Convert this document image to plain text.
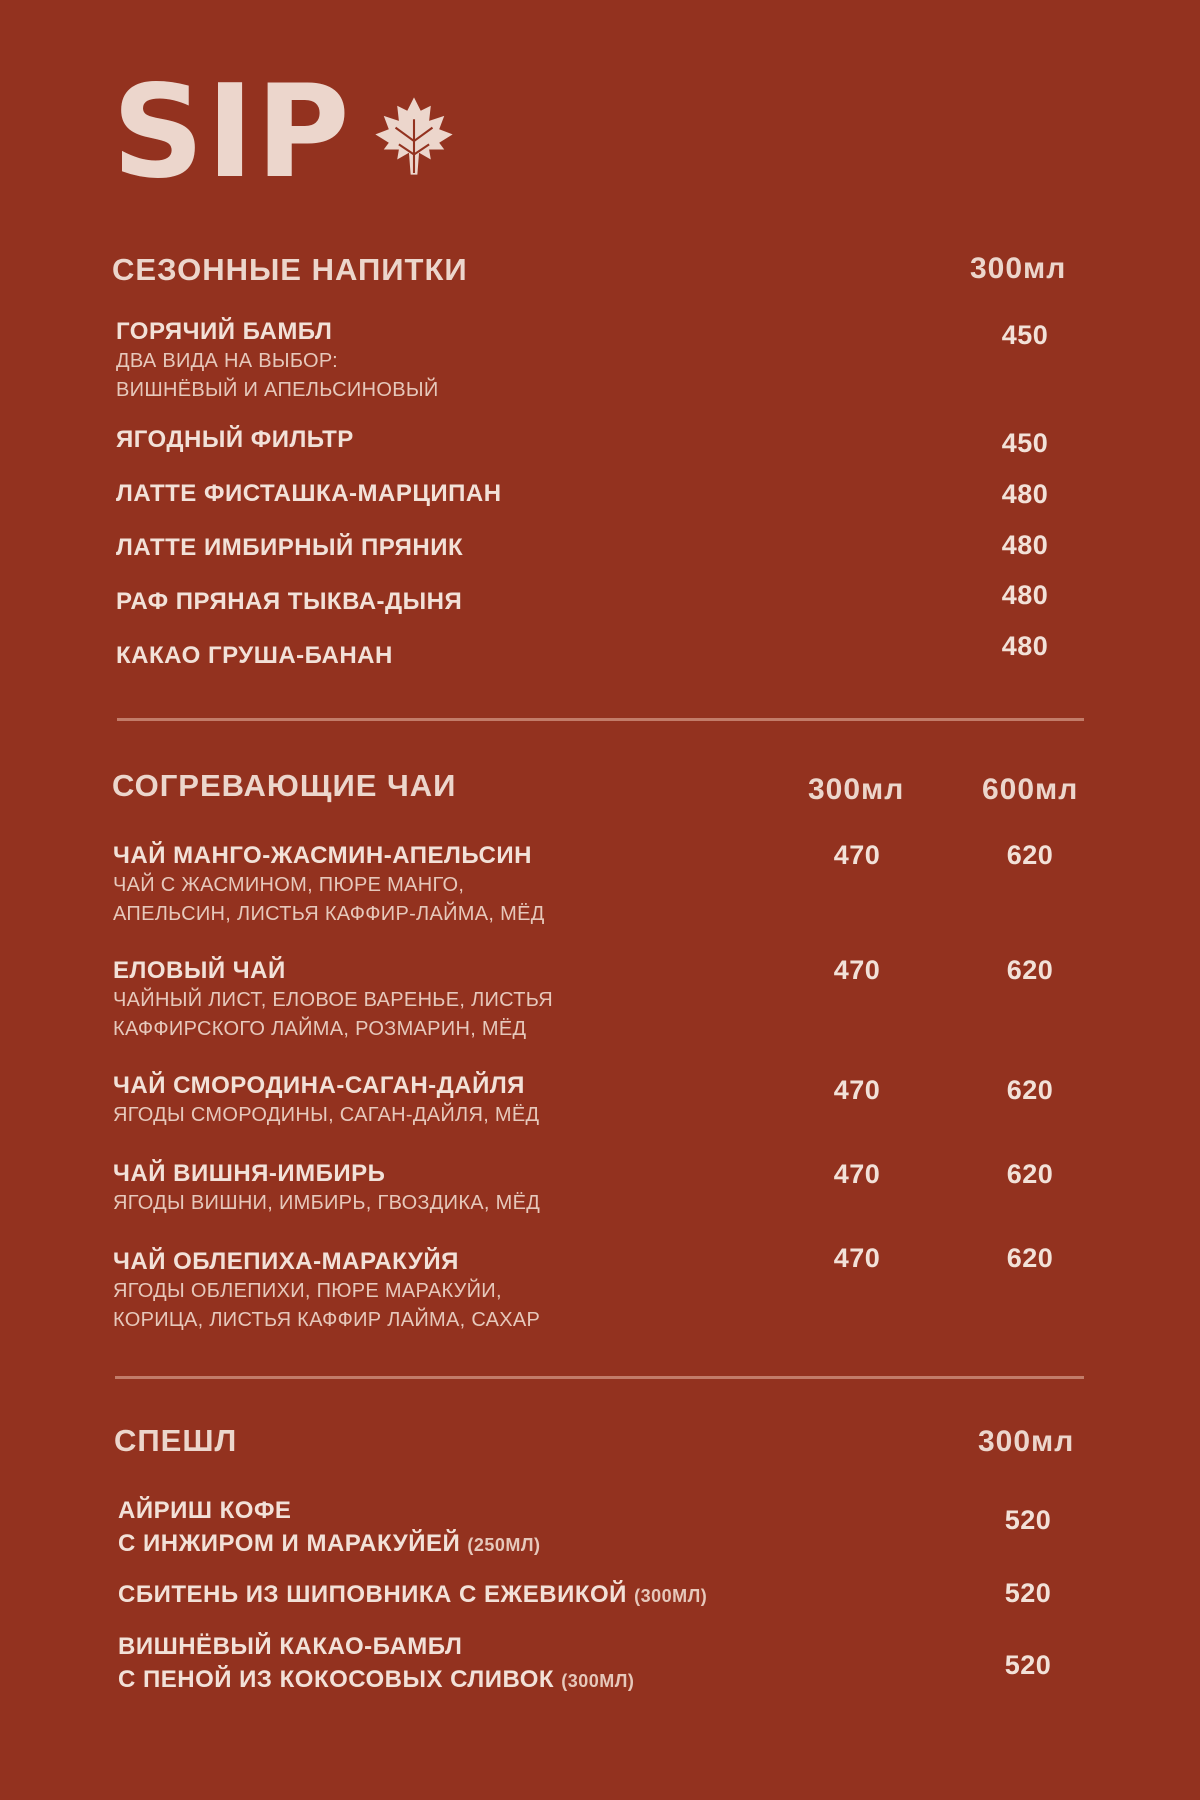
SIP
СЕЗОННЫЕ НАПИТКИ	300мл
ГОРЯЧИЙ БАМБЛ
ДВА ВИДА НА ВЫБОР:
ВИШНЁВЫЙ И АПЕЛЬСИНОВЫЙ
450
ЯГОДНЫЙ ФИЛЬТР	450
ЛАТТЕ ФИСТАШКА-МАРЦИПАН	480
ЛАТТЕ ИМБИРНЫЙ ПРЯНИК	480
РАФ ПРЯНАЯ ТЫКВА-ДЫНЯ	480
КАКАО ГРУША-БАНАН	480
СОГРЕВАЮЩИЕ ЧАИ	300мл	600мл
ЧАЙ МАНГО-ЖАСМИН-АПЕЛЬСИН
ЧАЙ С ЖАСМИНОМ, ПЮРЕ МАНГО,
АПЕЛЬСИН, ЛИСТЬЯ КАФФИР-ЛАЙМА, МЁД
470	620
ЕЛОВЫЙ ЧАЙ
ЧАЙНЫЙ ЛИСТ, ЕЛОВОЕ ВАРЕНЬЕ, ЛИСТЬЯ
КАФФИРСКОГО ЛАЙМА, РОЗМАРИН, МЁД
470	620
ЧАЙ СМОРОДИНА-САГАН-ДАЙЛЯ
ЯГОДЫ СМОРОДИНЫ, САГАН-ДАЙЛЯ, МЁД
470	620
ЧАЙ ВИШНЯ-ИМБИРЬ
ЯГОДЫ ВИШНИ, ИМБИРЬ, ГВОЗДИКА, МЁД
470	620
ЧАЙ ОБЛЕПИХА-МАРАКУЙЯ
ЯГОДЫ ОБЛЕПИХИ, ПЮРЕ МАРАКУЙИ,
КОРИЦА, ЛИСТЬЯ КАФФИР ЛАЙМА, САХАР
470	620
СПЕШЛ	300мл
АЙРИШ КОФЕ
С ИНЖИРОМ И МАРАКУЙЕЙ (250МЛ)
520
СБИТЕНЬ ИЗ ШИПОВНИКА С ЕЖЕВИКОЙ (300МЛ)	520
ВИШНЁВЫЙ КАКАО-БАМБЛ
С ПЕНОЙ ИЗ КОКОСОВЫХ СЛИВОК (300МЛ)
520
